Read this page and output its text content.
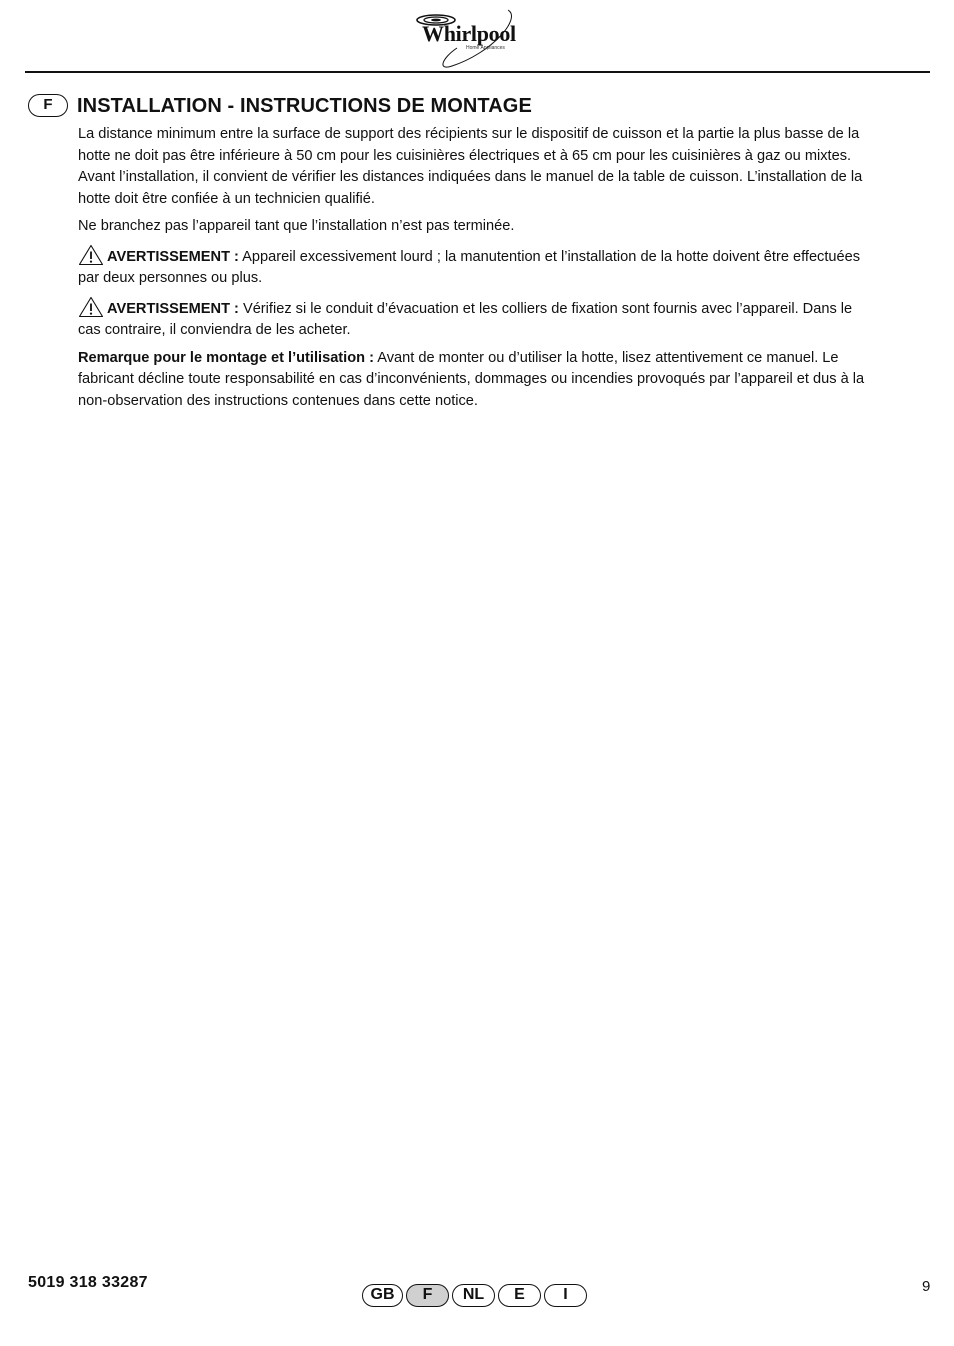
Whirlpool
Home Appliances
F	INSTALLATION - INSTRUCTIONS DE MONTAGE

La distance minimum entre la surface de support des récipients sur le dispositif de cuisson et la partie la plus basse de la hotte ne doit pas être inférieure à 50 cm pour les cuisinières électriques et à 65 cm pour les cuisinières à gaz ou mixtes. Avant l’installation, il convient de vérifier les distances indiquées dans le manuel de la table de cuisson. L’installation de la hotte doit être confiée à un technicien qualifié.

Ne branchez pas l’appareil tant que l’installation n’est pas terminée.

AVERTISSEMENT : Appareil excessivement lourd ; la manutention et l’installation de la hotte doivent être effectuées par deux personnes ou plus.

AVERTISSEMENT : Vérifiez si le conduit d’évacuation et les colliers de fixation sont fournis avec l’appareil. Dans le cas contraire, il conviendra de les acheter.

Remarque pour le montage et l’utilisation : Avant de monter ou d’utiliser la hotte, lisez attentivement ce manuel. Le fabricant décline toute responsabilité en cas d’inconvénients, dommages ou incendies provoqués par l’appareil et dus à la non-observation des instructions contenues dans cette notice.

5019 318 33287
GB	F	NL	E	I	9
